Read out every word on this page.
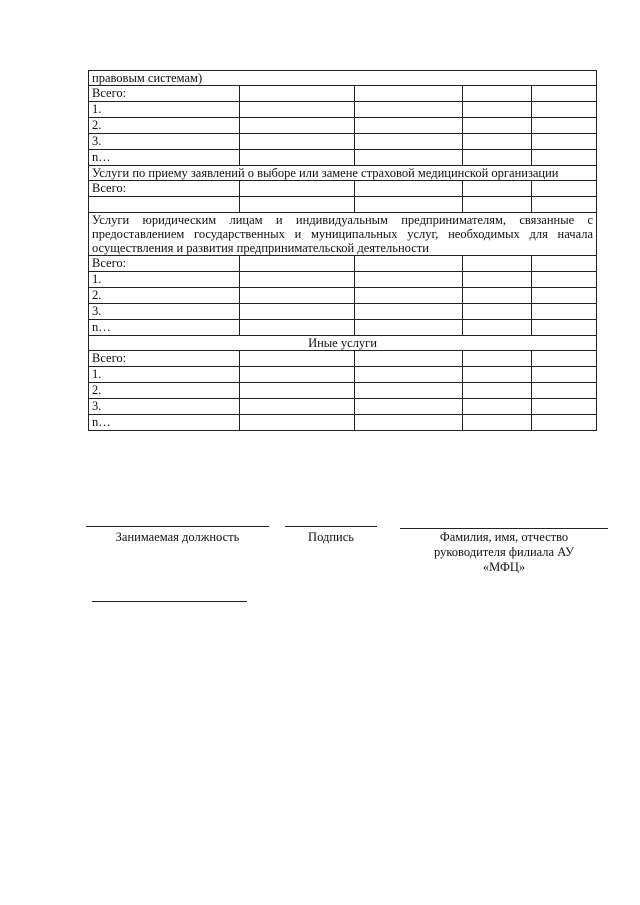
правовым системам)				
Всего:				
1.				
2.				
3.				
n…				
Услуги по приему заявлений о выборе или замене страховой медицинской организации				
Всего:				

Услуги юридическим лицам и индивидуальным предпринимателям, связанные с предоставлением государственных и муниципальных услуг, необходимых для начала осуществления и развития предпринимательской деятельности				
Всего:				
1.				
2.				
3.				
n…				
Иные услуги				
Всего:				
1.				
2.				
3.				
n…				
Занимаемая должность	Подпись	Фамилия, имя, отчество руководителя филиала АУ «МФЦ»
